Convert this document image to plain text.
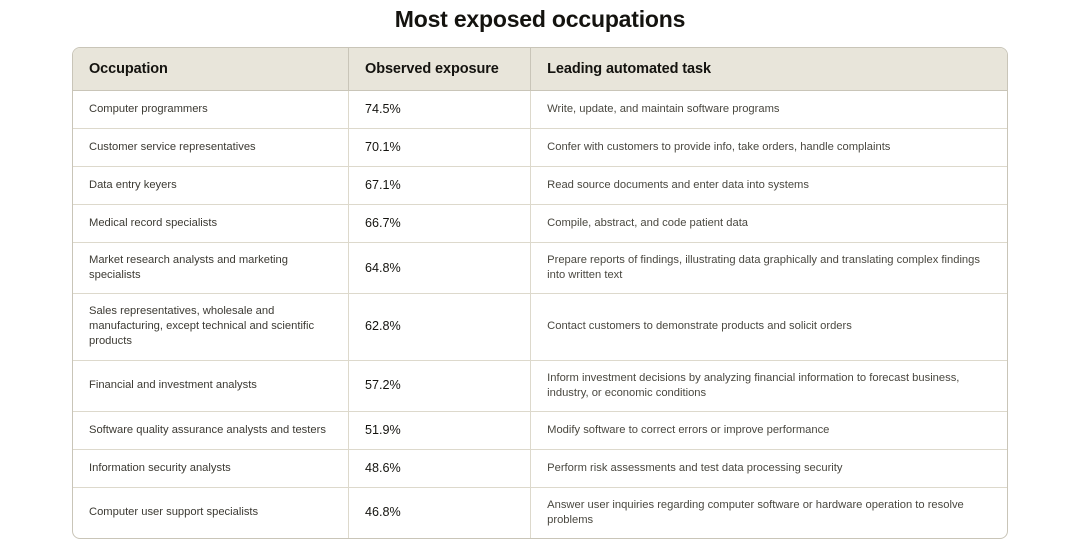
Most exposed occupations
Occupation	Observed exposure	Leading automated task
Computer programmers	74.5%	Write, update, and maintain software programs
Customer service representatives	70.1%	Confer with customers to provide info, take orders, handle complaints
Data entry keyers	67.1%	Read source documents and enter data into systems
Medical record specialists	66.7%	Compile, abstract, and code patient data
Market research analysts and marketing specialists	64.8%	Prepare reports of findings, illustrating data graphically and translating complex findings into written text
Sales representatives, wholesale and manufacturing, except technical and scientific products	62.8%	Contact customers to demonstrate products and solicit orders
Financial and investment analysts	57.2%	Inform investment decisions by analyzing financial information to forecast business, industry, or economic conditions
Software quality assurance analysts and testers	51.9%	Modify software to correct errors or improve performance
Information security analysts	48.6%	Perform risk assessments and test data processing security
Computer user support specialists	46.8%	Answer user inquiries regarding computer software or hardware operation to resolve problems
